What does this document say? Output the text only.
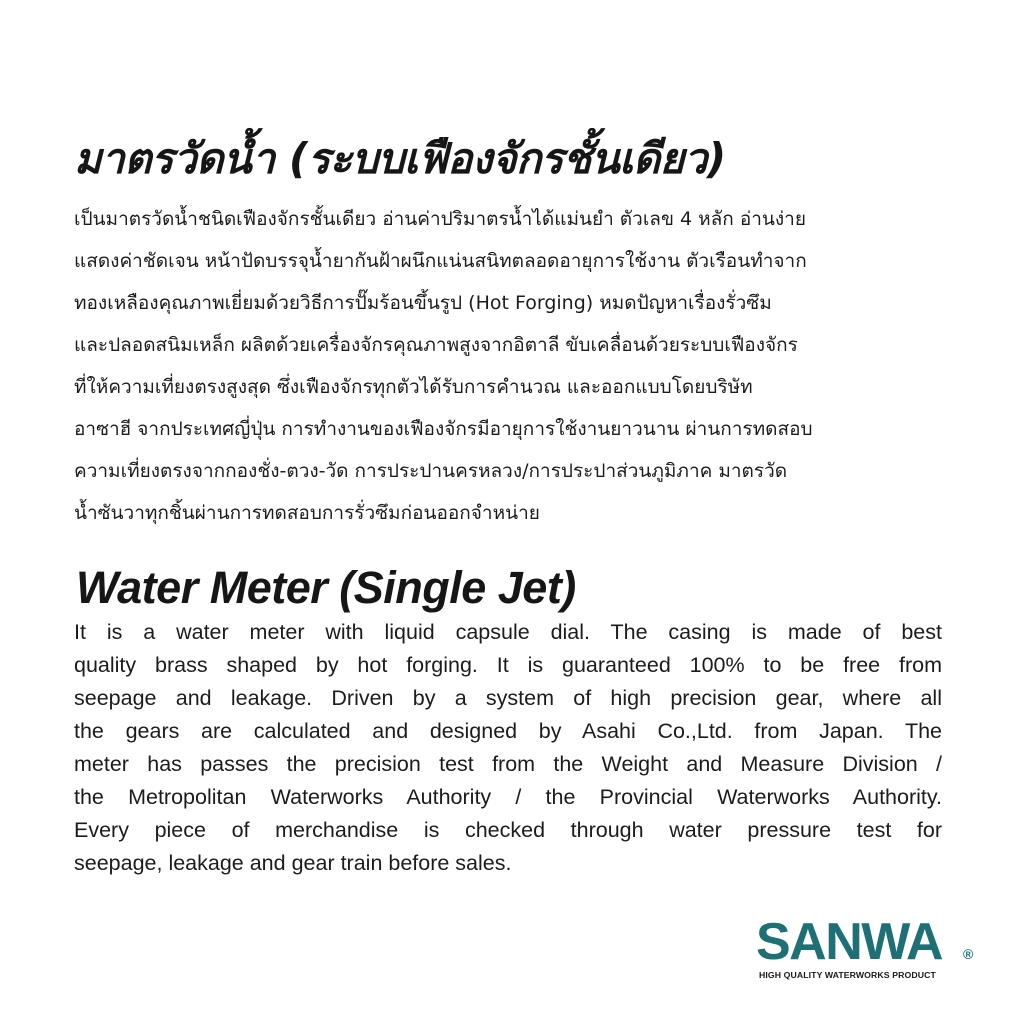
มาตรวัดน้ำ (ระบบเฟืองจักรชั้นเดียว)
เป็นมาตรวัดน้ำชนิดเฟืองจักรชั้นเดียว อ่านค่าปริมาตรน้ำได้แม่นยำ ตัวเลข 4 หลัก อ่านง่าย
แสดงค่าชัดเจน หน้าปัดบรรจุน้ำยากันฝ้าผนึกแน่นสนิทตลอดอายุการใช้งาน ตัวเรือนทำจาก
ทองเหลืองคุณภาพเยี่ยมด้วยวิธีการปั๊มร้อนขึ้นรูป (Hot Forging) หมดปัญหาเรื่องรั่วซึม
และปลอดสนิมเหล็ก ผลิตด้วยเครื่องจักรคุณภาพสูงจากอิตาลี ขับเคลื่อนด้วยระบบเฟืองจักร
ที่ให้ความเที่ยงตรงสูงสุด ซึ่งเฟืองจักรทุกตัวได้รับการคำนวณ และออกแบบโดยบริษัท
อาซาฮี จากประเทศญี่ปุ่น การทำงานของเฟืองจักรมีอายุการใช้งานยาวนาน ผ่านการทดสอบ
ความเที่ยงตรงจากกองชั่ง-ตวง-วัด การประปานครหลวง/การประปาส่วนภูมิภาค มาตรวัด
น้ำซันวาทุกชิ้นผ่านการทดสอบการรั่วซึมก่อนออกจำหน่าย
Water Meter (Single Jet)
It is a water meter with liquid capsule dial. The casing is made of best
quality brass shaped by hot forging. It is guaranteed 100% to be free from
seepage and leakage. Driven by a system of high precision gear, where all
the gears are calculated and designed by Asahi Co.,Ltd. from Japan. The
meter has passes the precision test from the Weight and Measure Division /
the Metropolitan Waterworks Authority / the Provincial Waterworks Authority.
Every piece of merchandise is checked through water pressure test for
seepage, leakage and gear train before sales.
SANWA ®
HIGH QUALITY WATERWORKS PRODUCT
